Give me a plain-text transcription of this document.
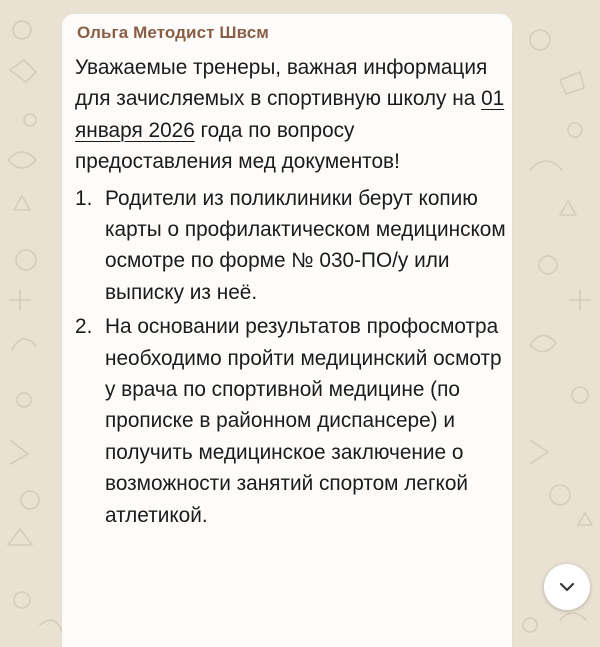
Ольга Методист Швсм

Уважаемые тренеры, важная информация для зачисляемых в спортивную школу на 01 января 2026 года по вопросу предоставления мед документов!

1. Родители из поликлиники берут копию карты о профилактическом медицинском осмотре по форме № 030-ПО/у или выписку из неё.
2. На основании результатов профосмотра необходимо пройти медицинский осмотр у врача по спортивной медицине (по прописке в районном диспансере) и получить медицинское заключение о возможности занятий спортом легкой атлетикой.
